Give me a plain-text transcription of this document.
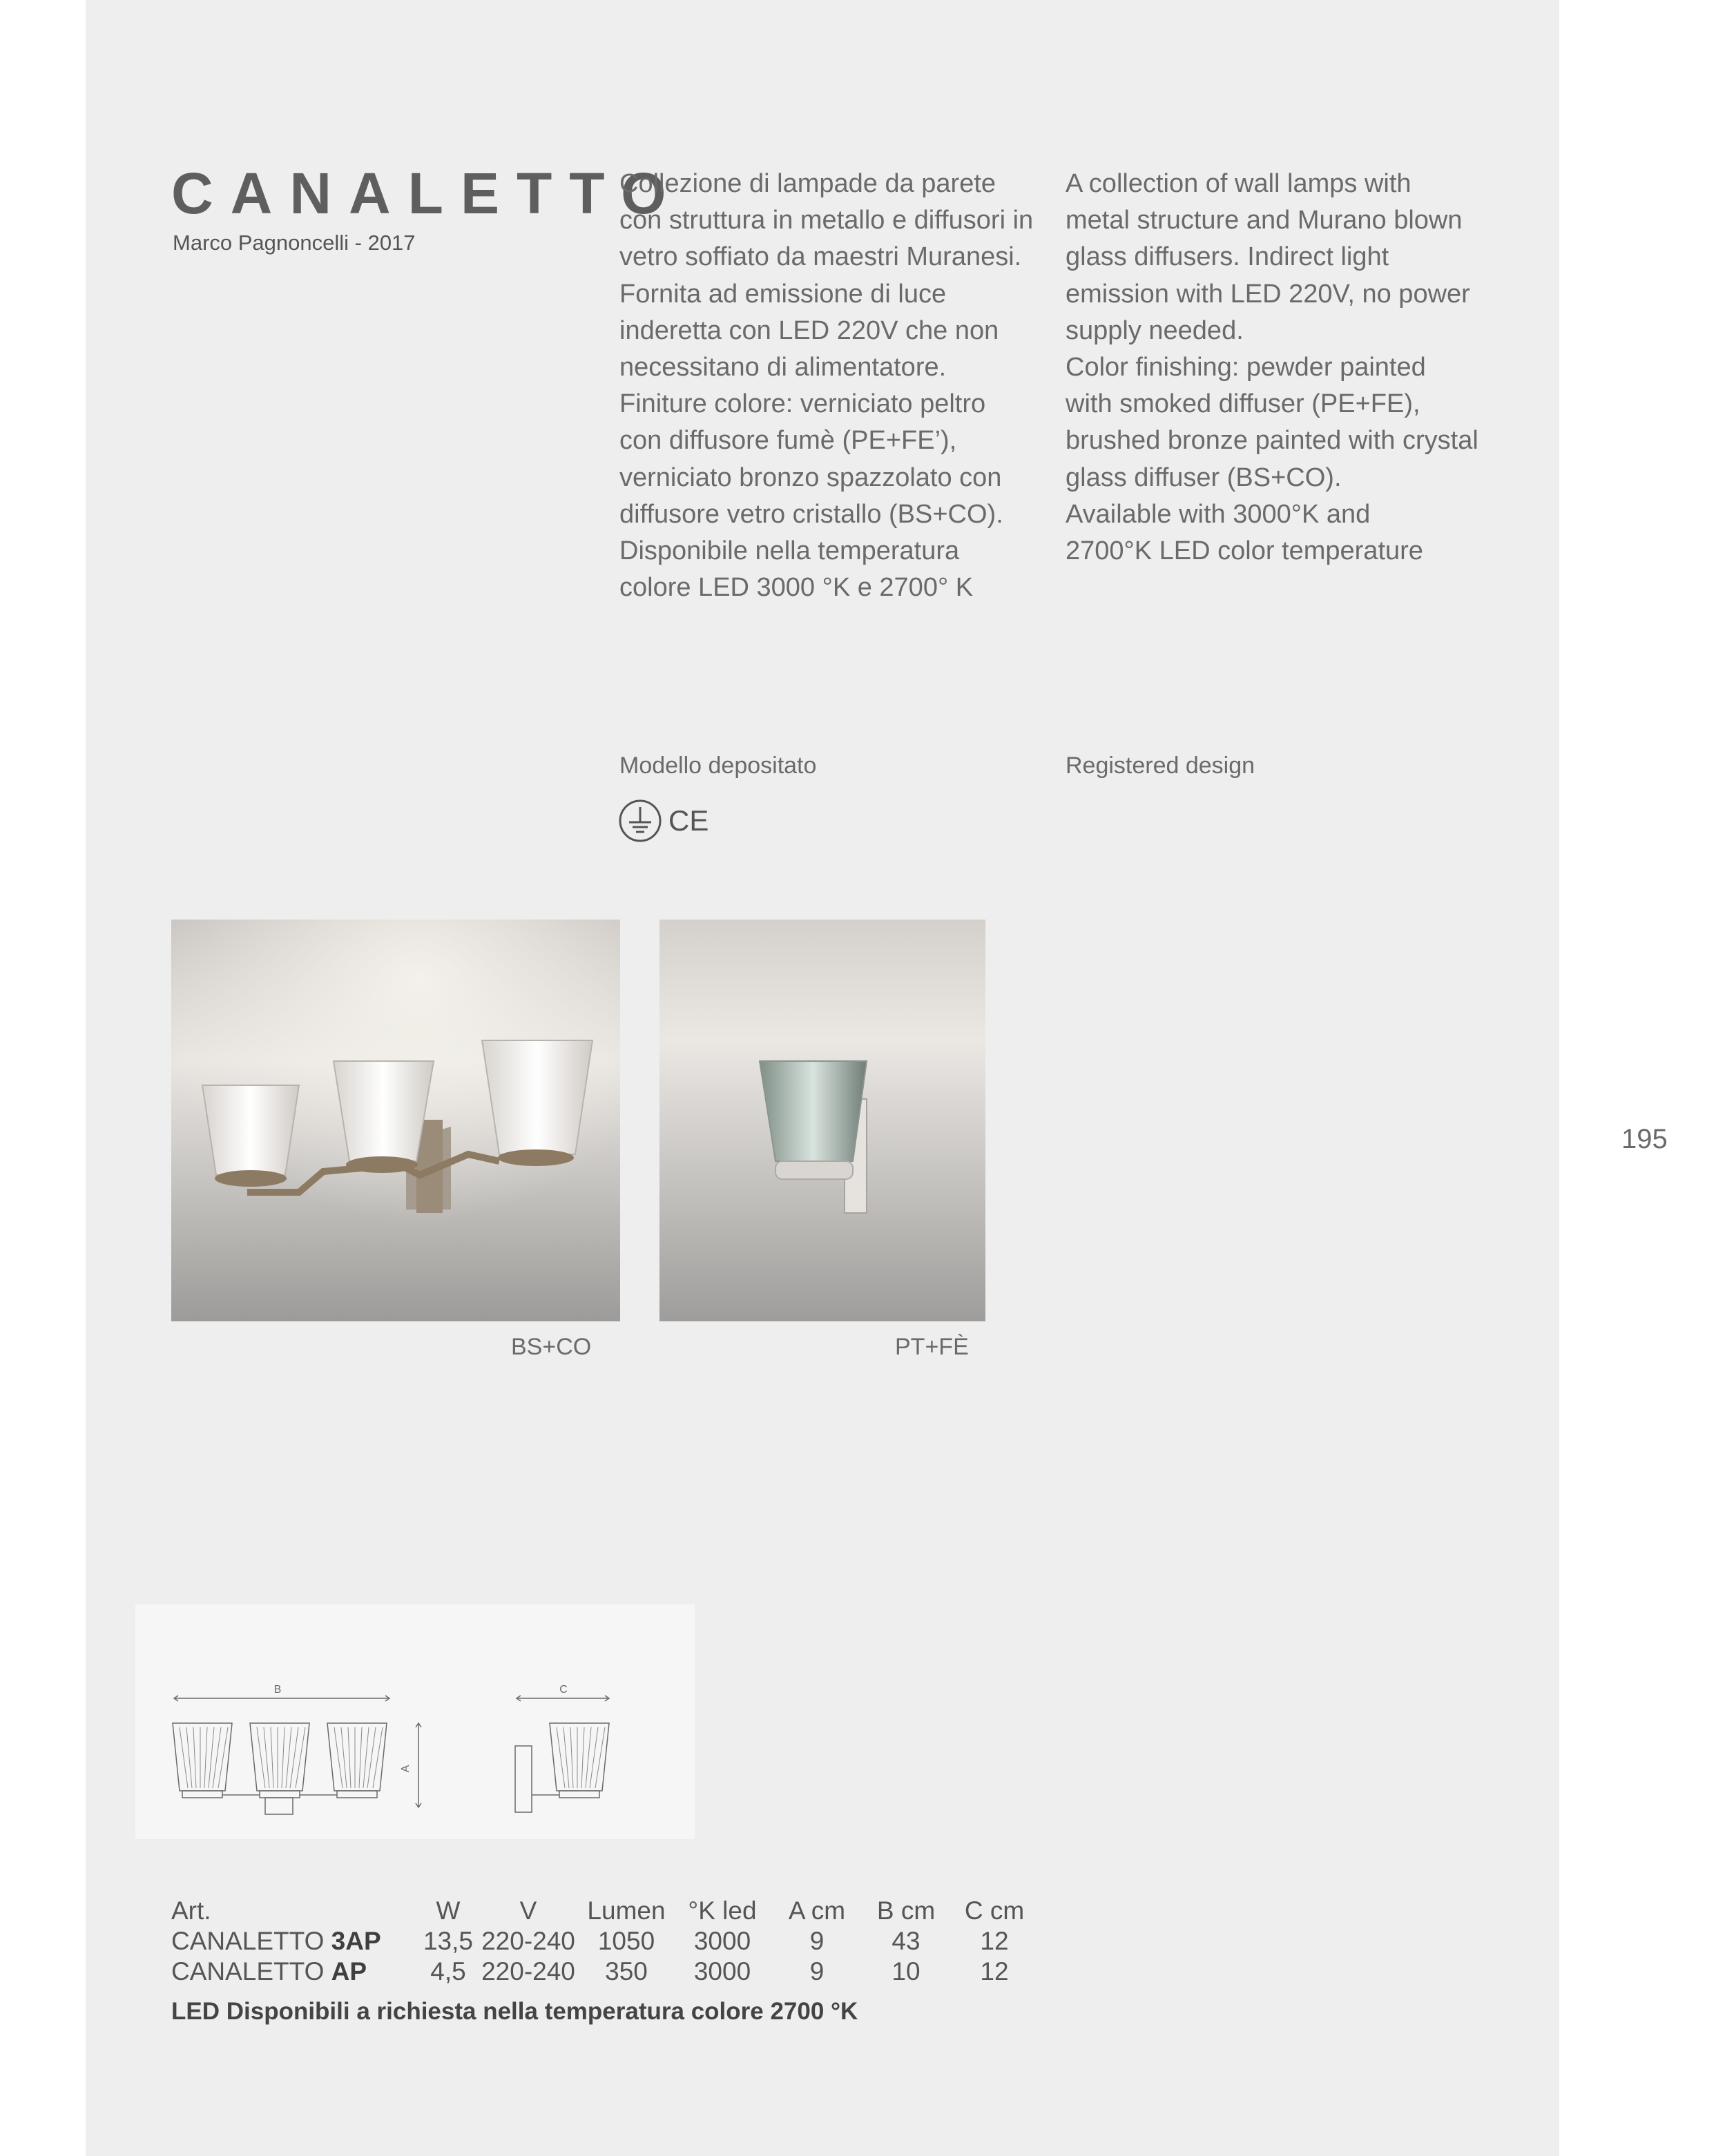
CANALETTO
Marco Pagnoncelli - 2017
Collezione di lampade da parete
con struttura in metallo e diffusori in
vetro soffiato da maestri Muranesi.
Fornita ad emissione di luce
inderetta con LED 220V che non
necessitano di alimentatore.
Finiture colore: verniciato peltro
con diffusore fumè (PE+FE’),
verniciato bronzo spazzolato con
diffusore vetro cristallo (BS+CO).
Disponibile nella temperatura
colore LED 3000 °K e 2700° K
A collection of wall lamps with
metal structure and Murano blown
glass diffusers. Indirect light
emission with LED 220V, no power
supply needed.
Color finishing: pewder painted
with smoked diffuser (PE+FE),
brushed bronze painted with crystal
glass diffuser (BS+CO).
Available with 3000°K and
2700°K LED color temperature
Modello depositato	Registered design
CE
BS+CO	PT+FÈ
195
B	C
A
Art.	W	V	Lumen	°K led	A cm	B cm	C cm
CANALETTO 3AP	13,5	220-240	1050	3000	9	43	12
CANALETTO AP	4,5	220-240	350	3000	9	10	12
LED Disponibili a richiesta nella temperatura colore 2700 °K
